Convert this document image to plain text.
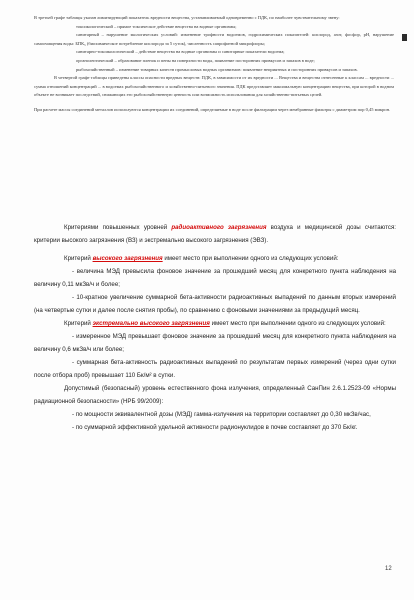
В третьей графе таблицы указан лимитирующий показатель вредности вещества, устанавливаемый одновременно с ПДК, по наиболее чувствительному звену:

токсикологический – прямое токсическое действие вещества на водные организмы;

санитарный – нарушение экологических условий: изменение трофности водоемов, гидрохимических показателей: кислород, азот, фосфор, pH, нарушение самоочищения воды: БПК₅ (биохимическое потребление кислорода за 5 суток), численность сапрофитной микрофлоры;

санитарно-токсикологический – действие вещества на водные организмы и санитарные показатели водоема;

органолептический – образование пленок и пены на поверхности воды, появление посторонних привкусов и запахов в воде;

рыбохозяйственный – изменение товарных качеств промысловых водных организмов: появление неприятных и посторонних привкусов и запахов.

В четвертой графе таблицы приведены классы опасности вредных веществ: ПДК, в зависимости от их вредности ... Вещества и вещества отнесенные к классам ... вредности ... сумма отношений концентраций ... в водоемах рыбохозяйственного и хозяйственно-питьевого значения. ПДК представляет максимальную концентрацию вещества, при которой в водном объекте не возникает последствий, снижающих его рыбохозяйственную ценность или возможность использования для хозяйственно-питьевых целей.

При расчете массы соединений металлов используются концентрации их соединений, определяемые в воде после фильтрации через мембранные фильтры с диаметром пор 0,45 микрон.

Критериями повышенных уровней радиоактивного загрязнения воздуха и медицинской дозы считаются: критерии высокого загрязнения (ВЗ) и экстремально высокого загрязнения (ЭВЗ).

Критерий высокого загрязнения имеет место при выполнении одного из следующих условий:

- величина МЭД превысила фоновое значение за прошедший месяц для конкретного пункта наблюдения на величину 0,11 мкЗв/ч и более;

- 10-кратное увеличение суммарной бета-активности радиоактивных выпадений по данным вторых измерений (на четвертые сутки и далее после снятия пробы), по сравнению с фоновыми значениями за предыдущий месяц.

Критерий экстремально высокого загрязнения имеет место при выполнении одного из следующих условий:

- измеренное МЭД превышает фоновое значение за прошедший месяц для конкретного пункта наблюдения на величину 0,6 мкЗв/ч или более;

- суммарная бета-активность радиоактивных выпадений по результатам первых измерений (через одни сутки после отбора проб) превышает 110 Бк/м² в сутки.

Допустимый (безопасный) уровень естественного фона излучения, определенный СанПин 2.6.1.2523-09 «Нормы радиационной безопасности» (НРБ 99/2009):

- по мощности эквивалентной дозы (МЭД) гамма-излучения на территории составляет до 0,30 мкЗв/час,

- по суммарной эффективной удельной активности радионуклидов в почве составляет до 370 Бк/кг.

12
